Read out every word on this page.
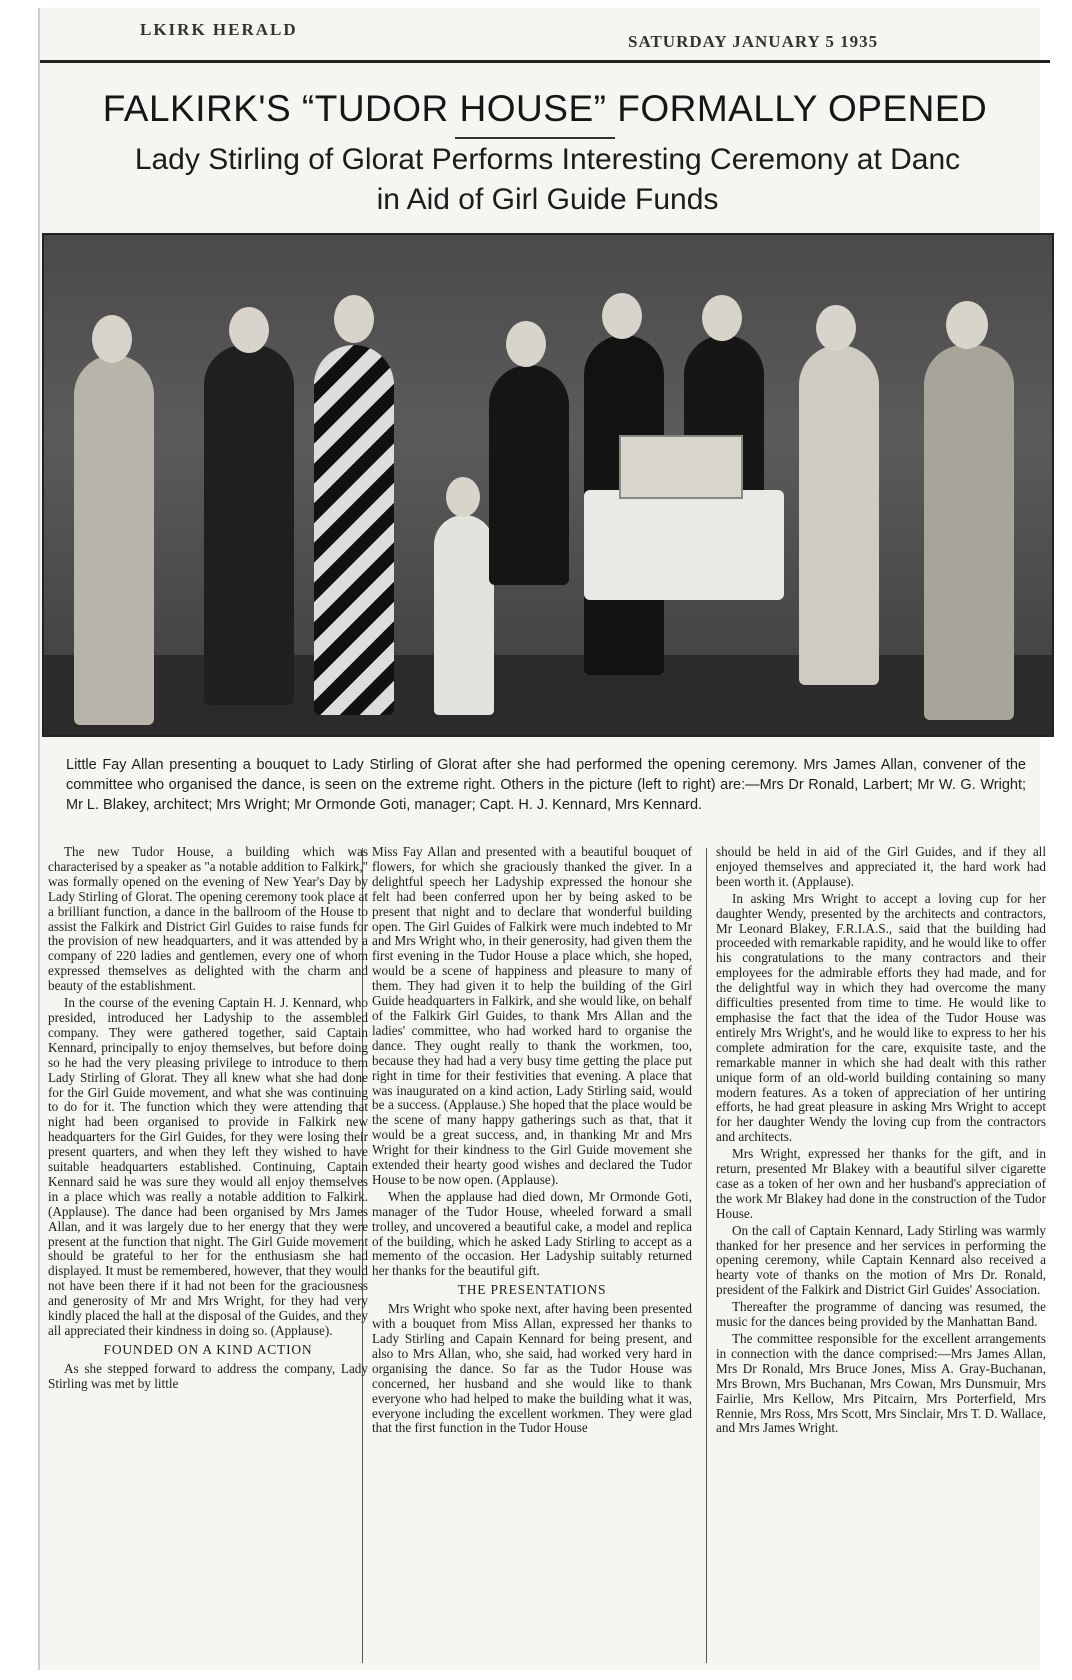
LKIRK HERALD
SATURDAY JANUARY 5 1935
FALKIRK'S “TUDOR HOUSE” FORMALLY OPENED
Lady Stirling of Glorat Performs Interesting Ceremony at Danc
in Aid of Girl Guide Funds
Little Fay Allan presenting a bouquet to Lady Stirling of Glorat after she had performed the opening ceremony. Mrs James Allan, convener of the committee who organised the dance, is seen on the extreme right. Others in the picture (left to right) are:—Mrs Dr Ronald, Larbert; Mr W. G. Wright; Mr L. Blakey, architect; Mrs Wright; Mr Ormonde Goti, manager; Capt. H. J. Kennard, Mrs Kennard.

The new Tudor House, a building which was characterised by a speaker as "a notable addition to Falkirk," was formally opened on the evening of New Year's Day by Lady Stirling of Glorat. The opening ceremony took place at a brilliant function, a dance in the ballroom of the House to assist the Falkirk and District Girl Guides to raise funds for the provision of new headquarters, and it was attended by a company of 220 ladies and gentlemen, every one of whom expressed themselves as delighted with the charm and beauty of the establishment.

In the course of the evening Captain H. J. Kennard, who presided, introduced her Ladyship to the assembled company. They were gathered together, said Captain Kennard, principally to enjoy themselves, but before doing so he had the very pleasing privilege to introduce to them Lady Stirling of Glorat. They all knew what she had done for the Girl Guide movement, and what she was continuing to do for it. The function which they were attending that night had been organised to provide in Falkirk new headquarters for the Girl Guides, for they were losing their present quarters, and when they left they wished to have suitable headquarters established. Continuing, Captain Kennard said he was sure they would all enjoy themselves in a place which was really a notable addition to Falkirk. (Applause). The dance had been organised by Mrs James Allan, and it was largely due to her energy that they were present at the function that night. The Girl Guide movement should be grateful to her for the enthusiasm she had displayed. It must be remembered, however, that they would not have been there if it had not been for the graciousness and generosity of Mr and Mrs Wright, for they had very kindly placed the hall at the disposal of the Guides, and they all appreciated their kindness in doing so. (Applause).

FOUNDED ON A KIND ACTION

As she stepped forward to address the company, Lady Stirling was met by little

Miss Fay Allan and presented with a beautiful bouquet of flowers, for which she graciously thanked the giver. In a delightful speech her Ladyship expressed the honour she felt had been conferred upon her by being asked to be present that night and to declare that wonderful building open. The Girl Guides of Falkirk were much indebted to Mr and Mrs Wright who, in their generosity, had given them the first evening in the Tudor House a place which, she hoped, would be a scene of happiness and pleasure to many of them. They had given it to help the building of the Girl Guide headquarters in Falkirk, and she would like, on behalf of the Falkirk Girl Guides, to thank Mrs Allan and the ladies' committee, who had worked hard to organise the dance. They ought really to thank the workmen, too, because they had had a very busy time getting the place put right in time for their festivities that evening. A place that was inaugurated on a kind action, Lady Stirling said, would be a success. (Applause.) She hoped that the place would be the scene of many happy gatherings such as that, that it would be a great success, and, in thanking Mr and Mrs Wright for their kindness to the Girl Guide movement she extended their hearty good wishes and declared the Tudor House to be now open. (Applause).

When the applause had died down, Mr Ormonde Goti, manager of the Tudor House, wheeled forward a small trolley, and uncovered a beautiful cake, a model and replica of the building, which he asked Lady Stirling to accept as a memento of the occasion. Her Ladyship suitably returned her thanks for the beautiful gift.

THE PRESENTATIONS

Mrs Wright who spoke next, after having been presented with a bouquet from Miss Allan, expressed her thanks to Lady Stirling and Capain Kennard for being present, and also to Mrs Allan, who, she said, had worked very hard in organising the dance. So far as the Tudor House was concerned, her husband and she would like to thank everyone who had helped to make the building what it was, everyone including the excellent workmen. They were glad that the first function in the Tudor House

should be held in aid of the Girl Guides, and if they all enjoyed themselves and appreciated it, the hard work had been worth it. (Applause).

In asking Mrs Wright to accept a loving cup for her daughter Wendy, presented by the architects and contractors, Mr Leonard Blakey, F.R.I.A.S., said that the building had proceeded with remarkable rapidity, and he would like to offer his congratulations to the many contractors and their employees for the admirable efforts they had made, and for the delightful way in which they had overcome the many difficulties presented from time to time. He would like to emphasise the fact that the idea of the Tudor House was entirely Mrs Wright's, and he would like to express to her his complete admiration for the care, exquisite taste, and the remarkable manner in which she had dealt with this rather unique form of an old-world building containing so many modern features. As a token of appreciation of her untiring efforts, he had great pleasure in asking Mrs Wright to accept for her daughter Wendy the loving cup from the contractors and architects.

Mrs Wright, expressed her thanks for the gift, and in return, presented Mr Blakey with a beautiful silver cigarette case as a token of her own and her husband's appreciation of the work Mr Blakey had done in the construction of the Tudor House.

On the call of Captain Kennard, Lady Stirling was warmly thanked for her presence and her services in performing the opening ceremony, while Captain Kennard also received a hearty vote of thanks on the motion of Mrs Dr. Ronald, president of the Falkirk and District Girl Guides' Association.

Thereafter the programme of dancing was resumed, the music for the dances being provided by the Manhattan Band.

The committee responsible for the excellent arrangements in connection with the dance comprised:—Mrs James Allan, Mrs Dr Ronald, Mrs Bruce Jones, Miss A. Gray-Buchanan, Mrs Brown, Mrs Buchanan, Mrs Cowan, Mrs Dunsmuir, Mrs Fairlie, Mrs Kellow, Mrs Pitcairn, Mrs Porterfield, Mrs Rennie, Mrs Ross, Mrs Scott, Mrs Sinclair, Mrs T. D. Wallace, and Mrs James Wright.
